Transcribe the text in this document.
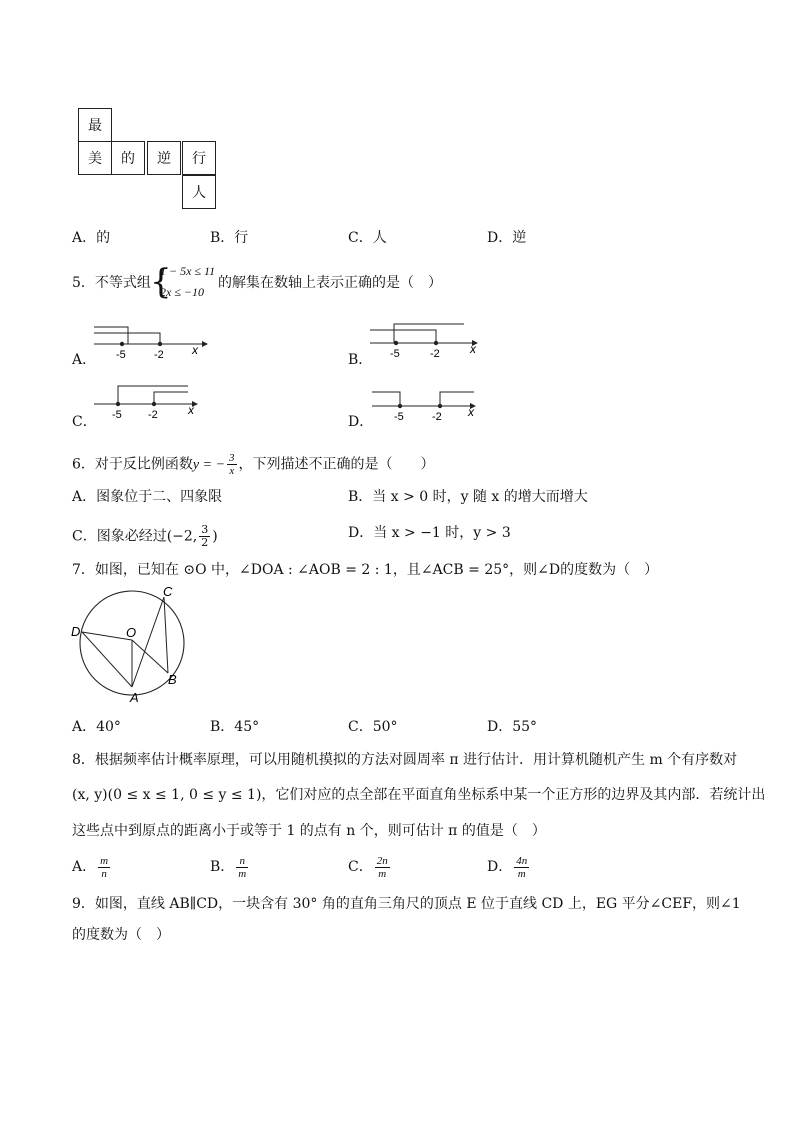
最
美	的	逆	行
人
A．的	B．行	C．人	D．逆
5．不等式组 {
1 − 5x ≤ 11
2x ≤ −10
的解集在数轴上表示正确的是（　）
A．	B．
C．	D．
-5	-2 x	-5	-2	x
-5 -2	x	-5	-2 x
6．对于反比例函数y = − $\frac{3}{x}$ ，下列描述不正确的是（　　）
A．图象位于二、四象限	B．当 x > 0 时，y 随 x 的增大而增大
C．图象必经过(−2, $\frac{3}{2}$ )	D．当 x > −1 时，y > 3
7．如图，已知在 ⊙O 中，∠DOA : ∠AOB = 2 : 1，且∠ACB = 25°，则∠D的度数为（　）
C
D	O
B
A
A．40°	B．45°	C．50°	D．55°
8．根据频率估计概率原理，可以用随机摸拟的方法对圆周率 π 进行估计．用计算机随机产生 m 个有序数对
(x, y)(0 ≤ x ≤ 1, 0 ≤ y ≤ 1)，它们对应的点全部在平面直角坐标系中某一个正方形的边界及其内部．若统计出
这些点中到原点的距离小于或等于 1 的点有 n 个，则可估计 π 的值是（　）
A． $\frac{m}{n}$	B． $\frac{n}{m}$	C． $\frac{2n}{m}$	D． $\frac{4n}{m}$
9．如图，直线 AB∥CD，一块含有 30° 角的直角三角尺的顶点 E 位于直线 CD 上，EG 平分∠CEF，则∠1
的度数为（　）
